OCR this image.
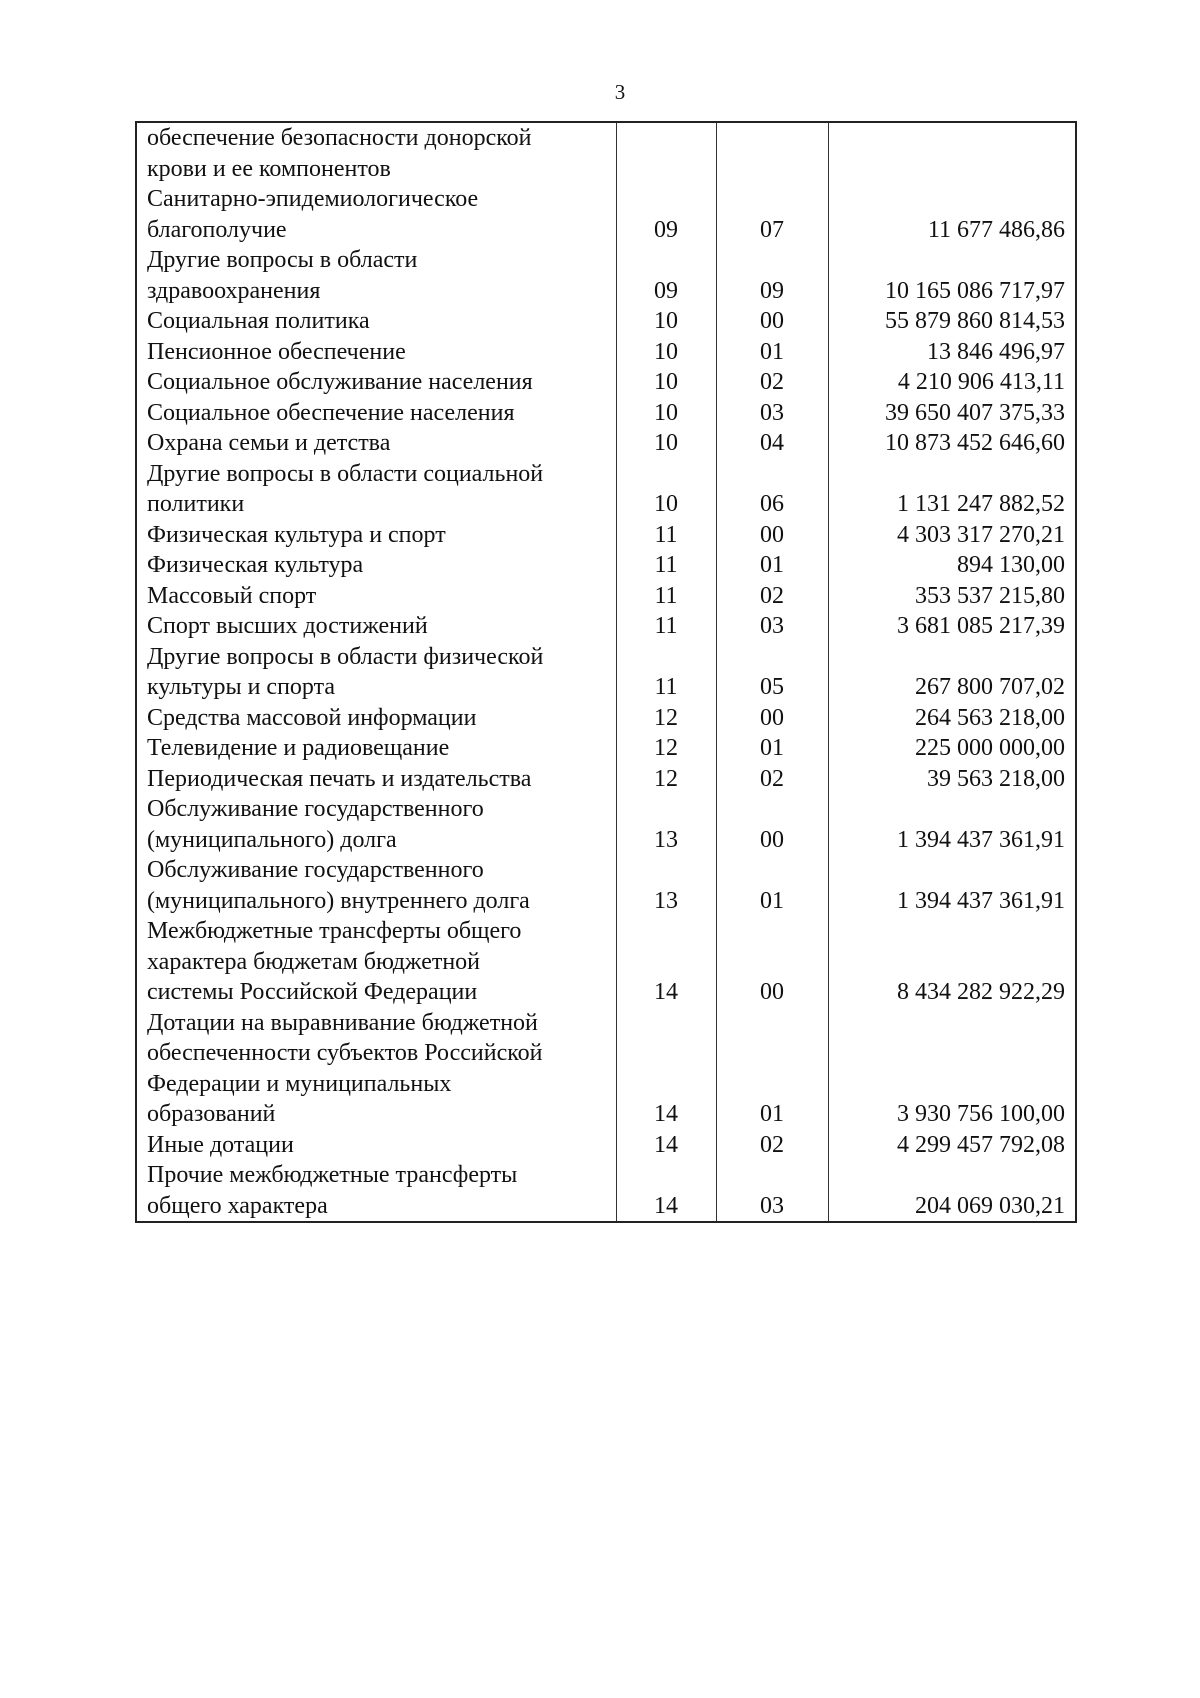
3
обеспечение безопасности донорской
крови и ее компонентов			

Санитарно-эпидемиологическое
благополучие	09	07	11 677 486,86

Другие вопросы в области
здравоохранения	09	09	10 165 086 717,97

Социальная политика	10	00	55 879 860 814,53

Пенсионное обеспечение	10	01	13 846 496,97

Социальное обслуживание населения	10	02	4 210 906 413,11

Социальное обеспечение населения	10	03	39 650 407 375,33

Охрана семьи и детства	10	04	10 873 452 646,60

Другие вопросы в области социальной
политики	10	06	1 131 247 882,52

Физическая культура и спорт	11	00	4 303 317 270,21

Физическая культура	11	01	894 130,00

Массовый спорт	11	02	353 537 215,80

Спорт высших достижений	11	03	3 681 085 217,39

Другие вопросы в области физической
культуры и спорта	11	05	267 800 707,02

Средства массовой информации	12	00	264 563 218,00

Телевидение и радиовещание	12	01	225 000 000,00

Периодическая печать и издательства	12	02	39 563 218,00

Обслуживание государственного
(муниципального) долга	13	00	1 394 437 361,91

Обслуживание государственного
(муниципального) внутреннего долга	13	01	1 394 437 361,91

Межбюджетные трансферты общего
характера бюджетам бюджетной
системы Российской Федерации	14	00	8 434 282 922,29

Дотации на выравнивание бюджетной
обеспеченности субъектов Российской
Федерации и муниципальных
образований	14	01	3 930 756 100,00

Иные дотации	14	02	4 299 457 792,08

Прочие межбюджетные трансферты
общего характера	14	03	204 069 030,21
